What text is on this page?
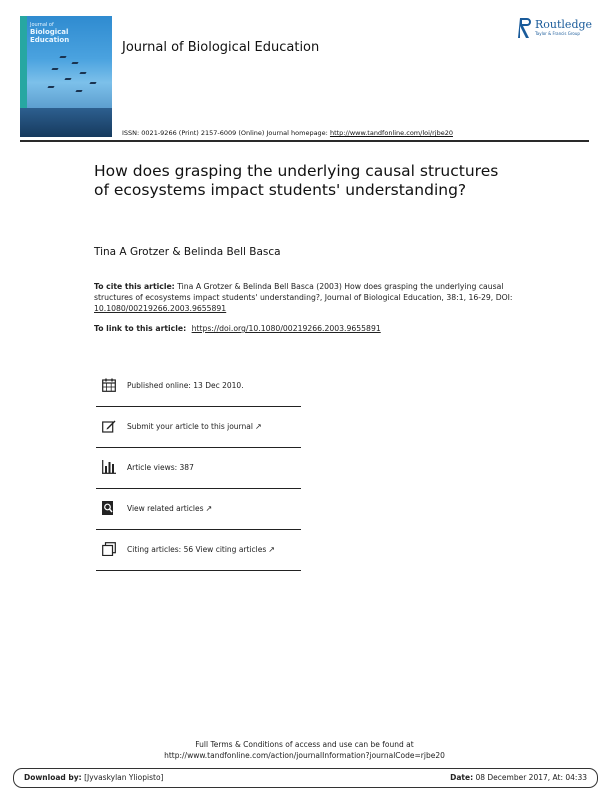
Journal of
Biological Education	Journal of Biological Education
Routledge
Taylor & Francis Group
ISSN: 0021-9266 (Print) 2157-6009 (Online) Journal homepage: http://www.tandfonline.com/loi/rjbe20
How does grasping the underlying causal structures of ecosystems impact students' understanding?
Tina A Grotzer & Belinda Bell Basca
To cite this article: Tina A Grotzer & Belinda Bell Basca (2003) How does grasping the underlying causal structures of ecosystems impact students' understanding?, Journal of Biological Education, 38:1, 16-29, DOI: 10.1080/00219266.2003.9655891
To link to this article: https://doi.org/10.1080/00219266.2003.9655891
Published online: 13 Dec 2010.
Submit your article to this journal ↗
Article views: 387
View related articles ↗
Citing articles: 56 View citing articles ↗
Full Terms & Conditions of access and use can be found at
http://www.tandfonline.com/action/journalInformation?journalCode=rjbe20
Download by: [Jyvaskylan Yliopisto]	Date: 08 December 2017, At: 04:33
